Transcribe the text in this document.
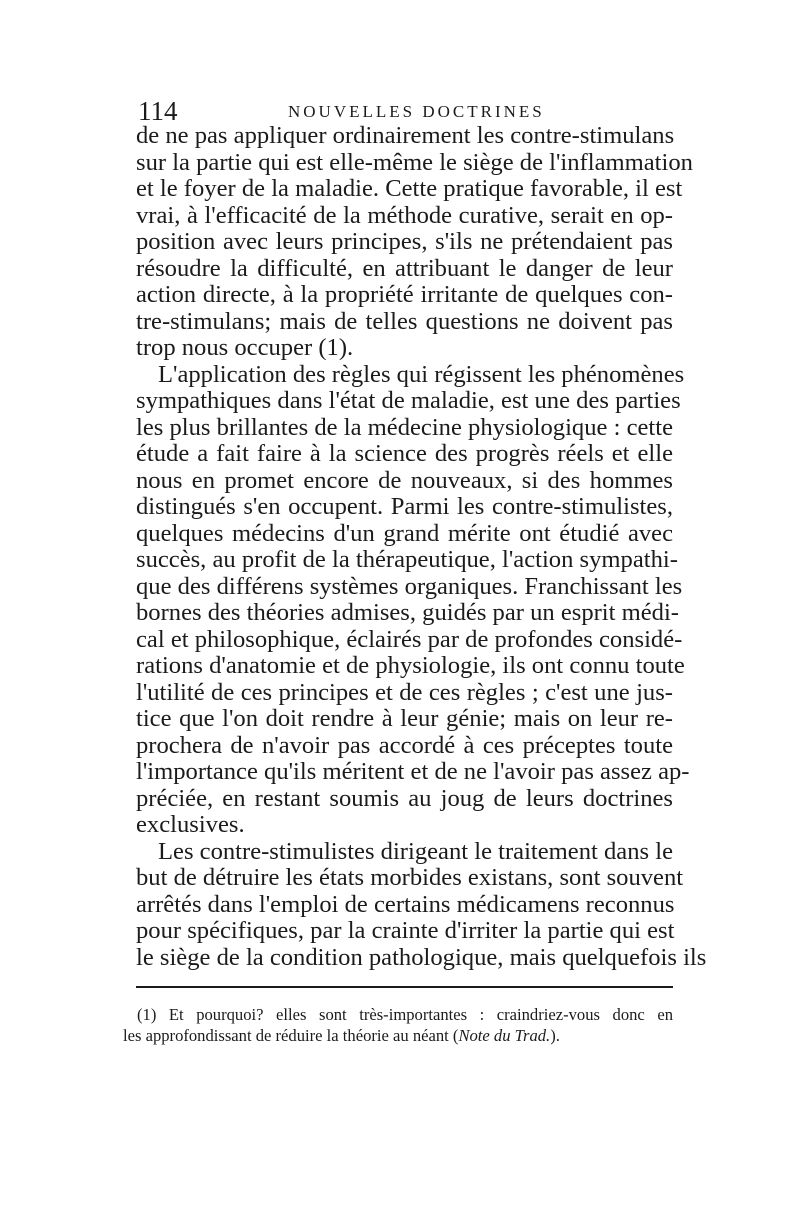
114	NOUVELLES DOCTRINES

de ne pas appliquer ordinairement les contre-stimulans
sur la partie qui est elle-même le siège de l'inflammation
et le foyer de la maladie. Cette pratique favorable, il est
vrai, à l'efficacité de la méthode curative, serait en op-
position avec leurs principes, s'ils ne prétendaient pas
résoudre la difficulté, en attribuant le danger de leur
action directe, à la propriété irritante de quelques con-
tre-stimulans; mais de telles questions ne doivent pas
trop nous occuper (1).

L'application des règles qui régissent les phénomènes
sympathiques dans l'état de maladie, est une des parties
les plus brillantes de la médecine physiologique : cette
étude a fait faire à la science des progrès réels et elle
nous en promet encore de nouveaux, si des hommes
distingués s'en occupent. Parmi les contre-stimulistes,
quelques médecins d'un grand mérite ont étudié avec
succès, au profit de la thérapeutique, l'action sympathi-
que des différens systèmes organiques. Franchissant les
bornes des théories admises, guidés par un esprit médi-
cal et philosophique, éclairés par de profondes considé-
rations d'anatomie et de physiologie, ils ont connu toute
l'utilité de ces principes et de ces règles ; c'est une jus-
tice que l'on doit rendre à leur génie; mais on leur re-
prochera de n'avoir pas accordé à ces préceptes toute
l'importance qu'ils méritent et de ne l'avoir pas assez ap-
préciée, en restant soumis au joug de leurs doctrines
exclusives.

Les contre-stimulistes dirigeant le traitement dans le
but de détruire les états morbides existans, sont souvent
arrêtés dans l'emploi de certains médicamens reconnus
pour spécifiques, par la crainte d'irriter la partie qui est
le siège de la condition pathologique, mais quelquefois ils

(1) Et pourquoi? elles sont très-importantes : craindriez-vous donc en
les approfondissant de réduire la théorie au néant (Note du Trad.).
